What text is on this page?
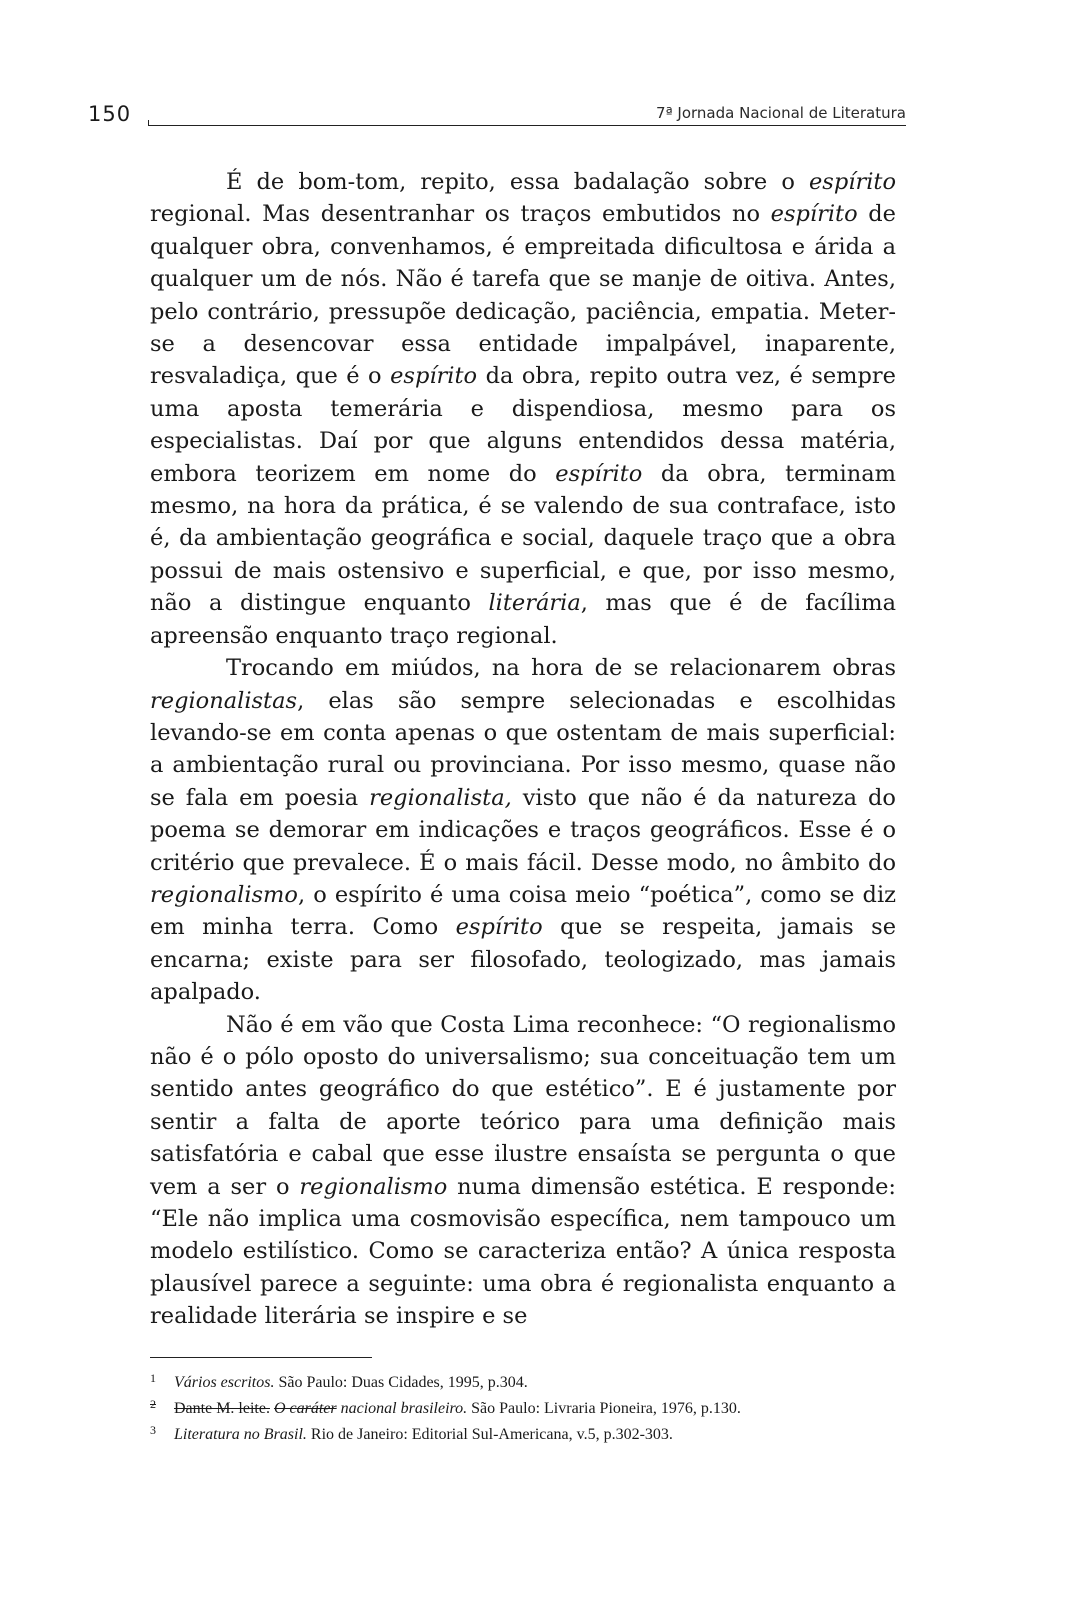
150	7ª Jornada Nacional de Literatura

É de bom-tom, repito, essa badalação sobre o espírito regional. Mas desentranhar os traços embutidos no espírito de qualquer obra, convenhamos, é empreitada dificultosa e árida a qualquer um de nós. Não é tarefa que se manje de oitiva. Antes, pelo contrário, pressupõe dedicação, paciência, empatia. Meter-se a desencovar essa entidade impalpável, inaparente, resvaladiça, que é o espírito da obra, repito outra vez, é sempre uma aposta temerária e dispendiosa, mesmo para os especialistas. Daí por que alguns entendidos dessa matéria, embora teorizem em nome do espírito da obra, terminam mesmo, na hora da prática, é se valendo de sua contraface, isto é, da ambientação geográfica e social, daquele traço que a obra possui de mais ostensivo e superficial, e que, por isso mesmo, não a distingue enquanto literária, mas que é de facílima apreensão enquanto traço regional.

Trocando em miúdos, na hora de se relacionarem obras regionalistas, elas são sempre selecionadas e escolhidas levando-se em conta apenas o que ostentam de mais superficial: a ambientação rural ou provinciana. Por isso mesmo, quase não se fala em poesia regionalista, visto que não é da natureza do poema se demorar em indicações e traços geográficos. Esse é o critério que prevalece. É o mais fácil. Desse modo, no âmbito do regionalismo, o espírito é uma coisa meio “poética”, como se diz em minha terra. Como espírito que se respeita, jamais se encarna; existe para ser filosofado, teologizado, mas jamais apalpado.

Não é em vão que Costa Lima reconhece: “O regionalismo não é o pólo oposto do universalismo; sua conceituação tem um sentido antes geográfico do que estético”. E é justamente por sentir a falta de aporte teórico para uma definição mais satisfatória e cabal que esse ilustre ensaísta se pergunta o que vem a ser o regionalismo numa dimensão estética. E responde: “Ele não implica uma cosmovisão específica, nem tampouco um modelo estilístico. Como se caracteriza então? A única resposta plausível parece a seguinte: uma obra é regionalista enquanto a realidade literária se inspire e se

1 Vários escritos. São Paulo: Duas Cidades, 1995, p.304.
2 Dante M. leite. O caráter nacional brasileiro. São Paulo: Livraria Pioneira, 1976, p.130.
3 Literatura no Brasil. Rio de Janeiro: Editorial Sul-Americana, v.5, p.302-303.
